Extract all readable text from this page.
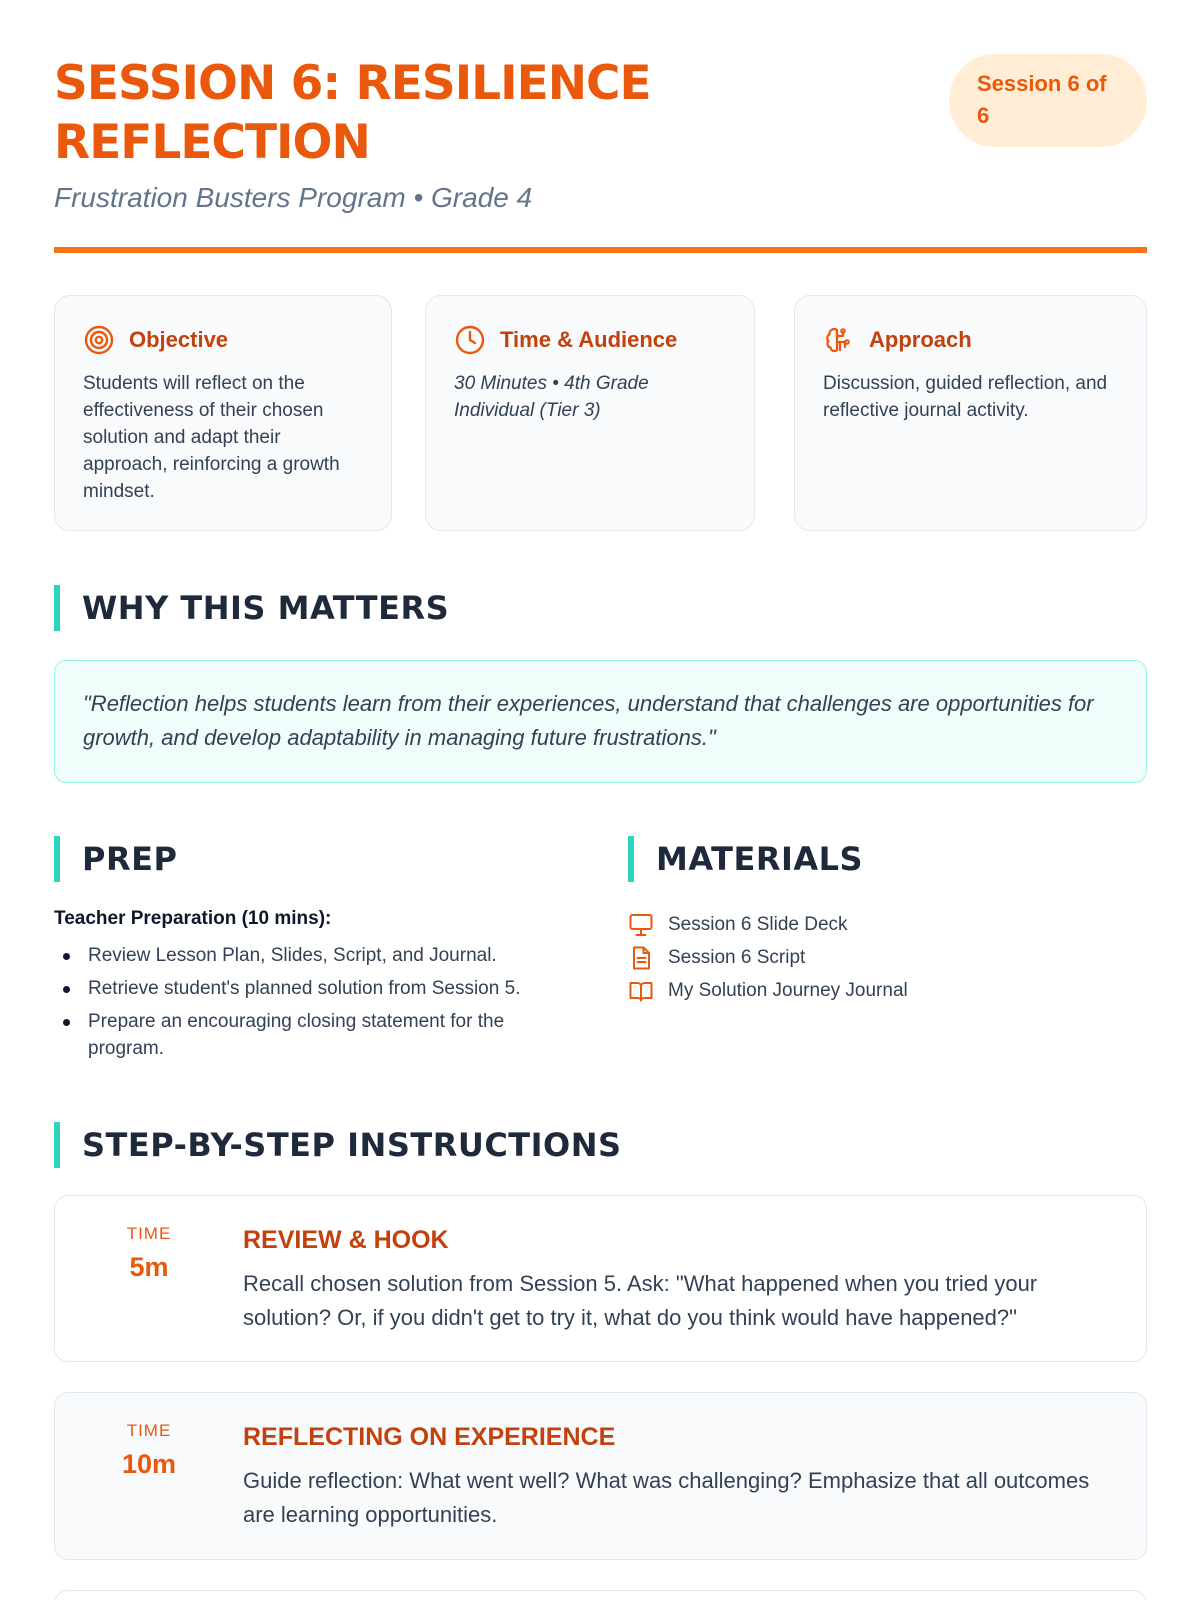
SESSION 6: RESILIENCE REFLECTION
Frustration Busters Program • Grade 4
Session 6 of 6
Objective

Students will reflect on the effectiveness of their chosen solution and adapt their approach, reinforcing a growth mindset.

Time & Audience

30 Minutes • 4th Grade

Individual (Tier 3)

Approach

Discussion, guided reflection, and reflective journal activity.

WHY THIS MATTERS
"Reflection helps students learn from their experiences, understand that challenges are opportunities for growth, and develop adaptability in managing future frustrations."
PREP
Teacher Preparation (10 mins):
Review Lesson Plan, Slides, Script, and Journal.
Retrieve student's planned solution from Session 5.
Prepare an encouraging closing statement for the program.
MATERIALS
Session 6 Slide Deck
Session 6 Script
My Solution Journey Journal
STEP-BY-STEP INSTRUCTIONS
TIME
5m
REVIEW & HOOK

Recall chosen solution from Session 5. Ask: "What happened when you tried your solution? Or, if you didn't get to try it, what do you think would have happened?"

TIME
10m
REFLECTING ON EXPERIENCE

Guide reflection: What went well? What was challenging? Emphasize that all outcomes are learning opportunities.
